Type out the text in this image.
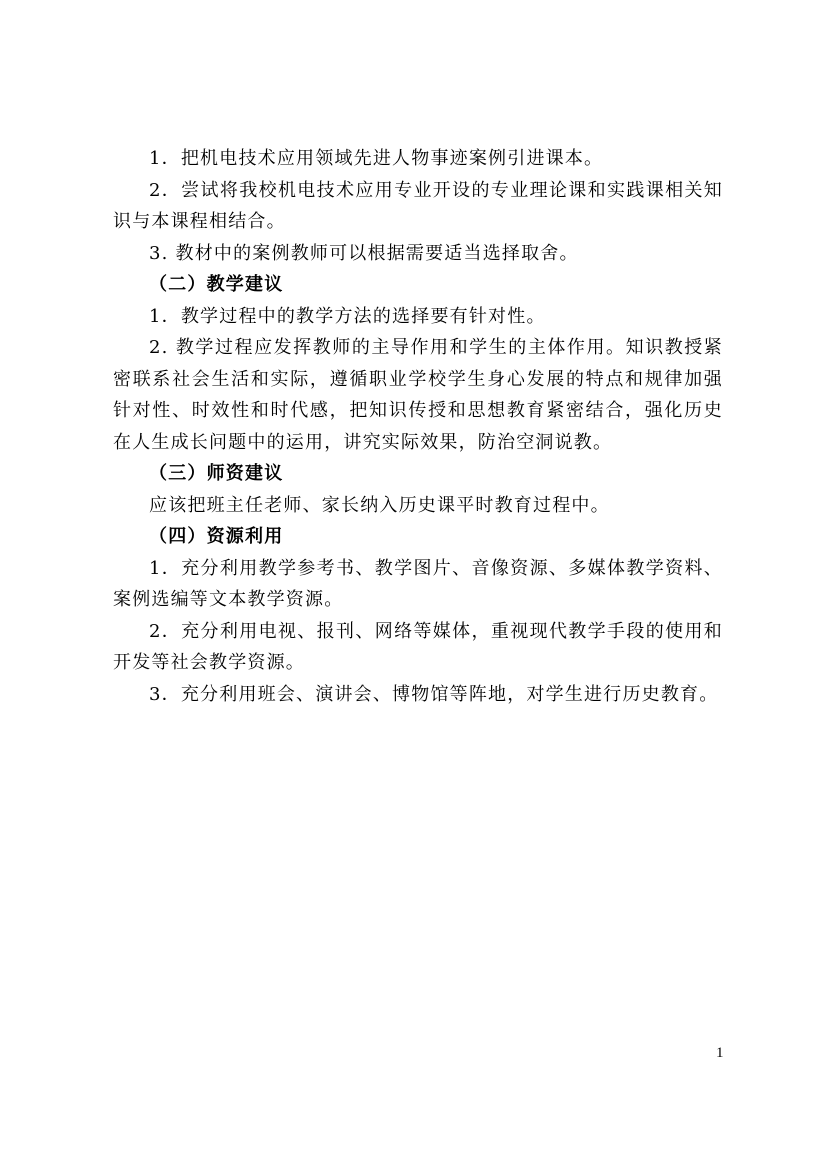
1．把机电技术应用领域先进人物事迹案例引进课本。

2．尝试将我校机电技术应用专业开设的专业理论课和实践课相关知识与本课程相结合。

3. 教材中的案例教师可以根据需要适当选择取舍。

（二）教学建议

1．教学过程中的教学方法的选择要有针对性。

2. 教学过程应发挥教师的主导作用和学生的主体作用。知识教授紧密联系社会生活和实际，遵循职业学校学生身心发展的特点和规律加强针对性、时效性和时代感，把知识传授和思想教育紧密结合，强化历史在人生成长问题中的运用，讲究实际效果，防治空洞说教。

（三）师资建议

应该把班主任老师、家长纳入历史课平时教育过程中。

（四）资源利用

1．充分利用教学参考书、教学图片、音像资源、多媒体教学资料、案例选编等文本教学资源。

2．充分利用电视、报刊、网络等媒体，重视现代教学手段的使用和开发等社会教学资源。

3．充分利用班会、演讲会、博物馆等阵地，对学生进行历史教育。

1
